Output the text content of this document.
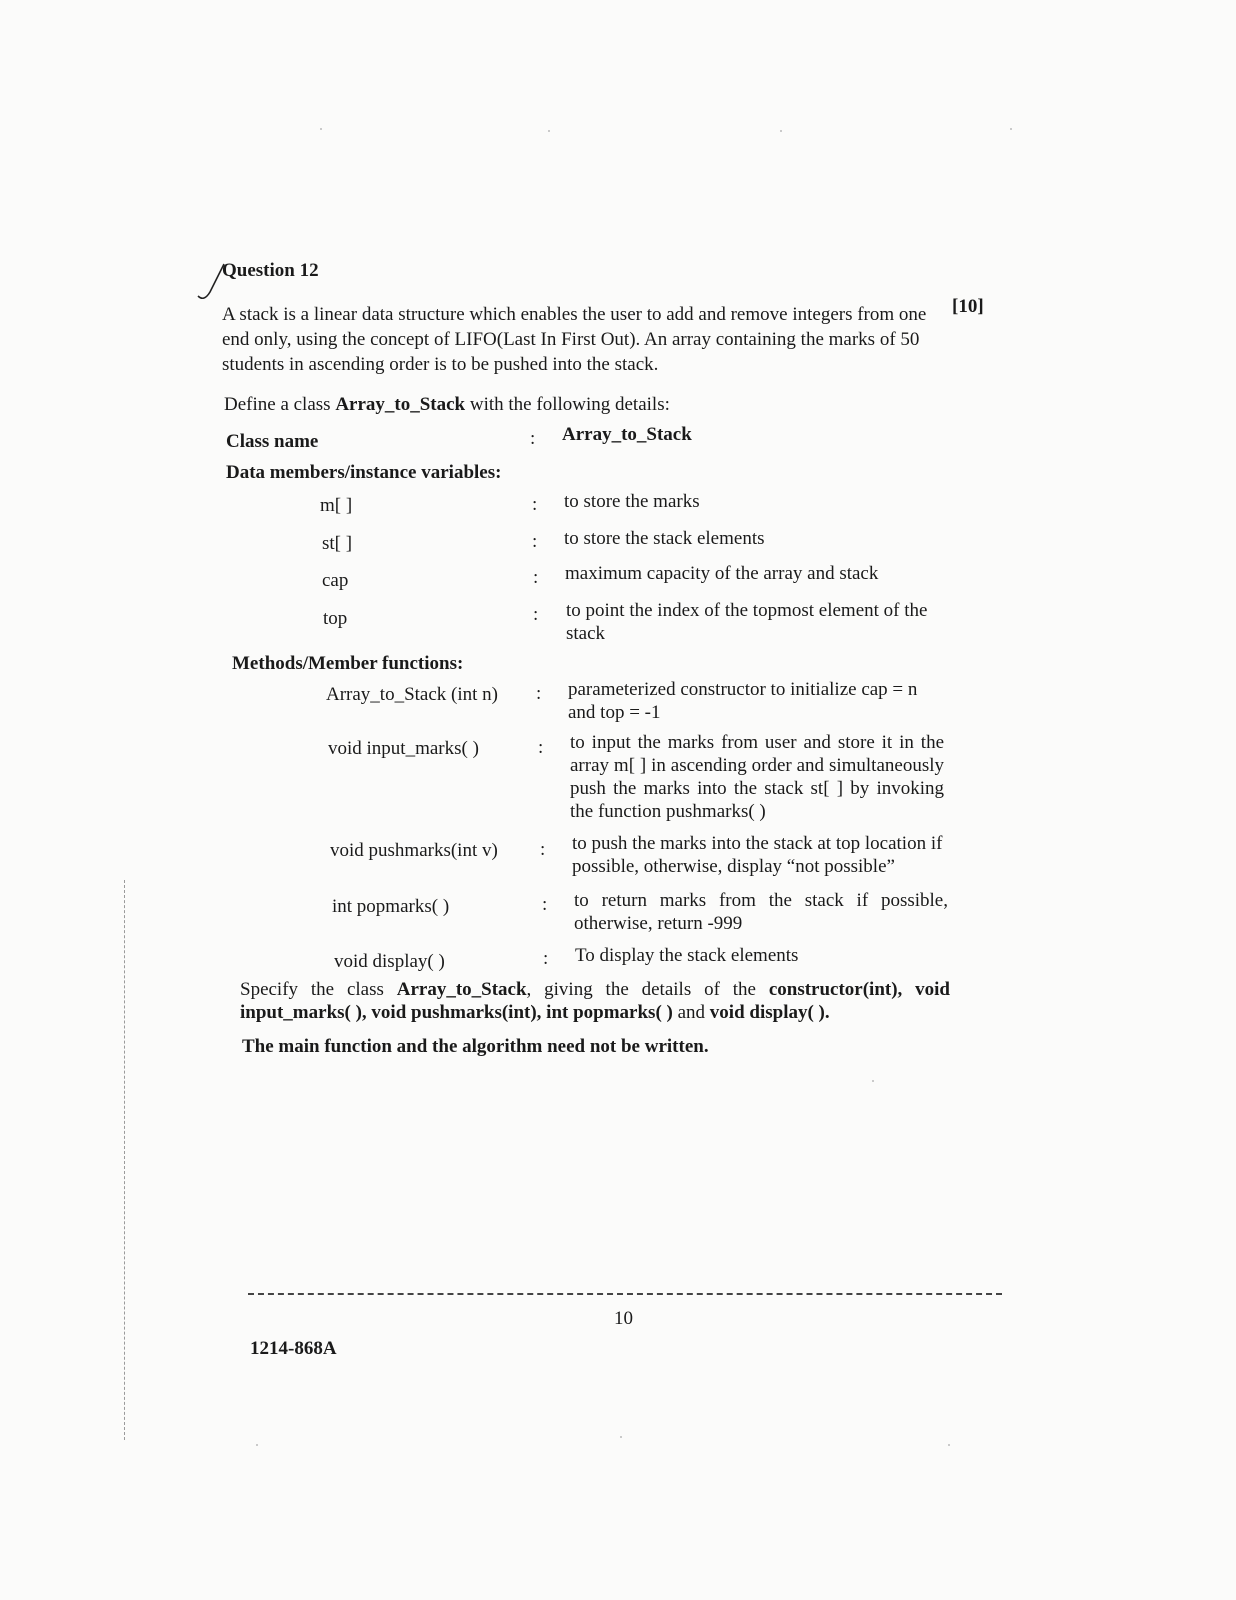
Question 12
[10]
A stack is a linear data structure which enables the user to add and remove integers from one end only, using the concept of LIFO(Last In First Out). An array containing the marks of 50 students in ascending order is to be pushed into the stack.
Define a class Array_to_Stack with the following details:
Class name	: Array_to_Stack
Data members/instance variables:
m[ ]	: to store the marks
st[ ]	: to store the stack elements
cap	: maximum capacity of the array and stack
top	: to point the index of the topmost element of the stack
Methods/Member functions:
Array_to_Stack (int n) : parameterized constructor to initialize cap = n and top = -1
void input_marks( )	: to input the marks from user and store it in the array m[ ] in ascending order and simultaneously push the marks into the stack st[ ] by invoking the function pushmarks( )
void pushmarks(int v) : to push the marks into the stack at top location if possible, otherwise, display “not possible”
int popmarks( )	: to return marks from the stack if possible, otherwise, return -999
void display( )	: To display the stack elements
Specify the class Array_to_Stack, giving the details of the constructor(int), void input_marks( ), void pushmarks(int), int popmarks( ) and void display( ).
The main function and the algorithm need not be written.
10
1214-868A
